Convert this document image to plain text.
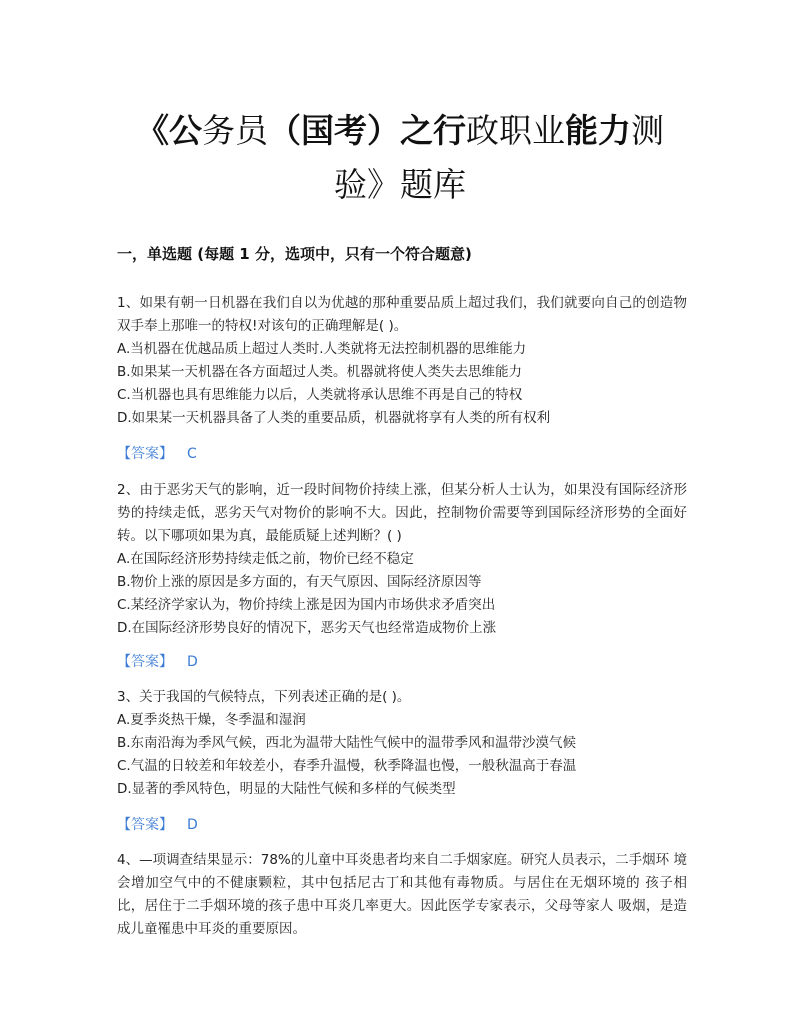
《公务员（国考）之行政职业能力测
验》题库
一，单选题 (每题 1 分，选项中，只有一个符合题意)

1、如果有朝一日机器在我们自以为优越的那种重要品质上超过我们，我们就要向自己的创造物双手奉上那唯一的特权!对该句的正确理解是( )。

A.当机器在优越品质上超过人类时.人类就将无法控制机器的思维能力

B.如果某一天机器在各方面超过人类。机器就将使人类失去思维能力

C.当机器也具有思维能力以后，人类就将承认思维不再是自己的特权

D.如果某一天机器具备了人类的重要品质，机器就将享有人类的所有权利

【答案】 C

2、由于恶劣天气的影响，近一段时间物价持续上涨，但某分析人士认为，如果没有国际经济形势的持续走低，恶劣天气对物价的影响不大。因此，控制物价需要等到国际经济形势的全面好转。以下哪项如果为真，最能质疑上述判断？( )

A.在国际经济形势持续走低之前，物价已经不稳定

B.物价上涨的原因是多方面的，有天气原因、国际经济原因等

C.某经济学家认为，物价持续上涨是因为国内市场供求矛盾突出

D.在国际经济形势良好的情况下，恶劣天气也经常造成物价上涨

【答案】 D

3、关于我国的气候特点，下列表述正确的是( )。

A.夏季炎热干燥，冬季温和湿润

B.东南沿海为季风气候，西北为温带大陆性气候中的温带季风和温带沙漠气候

C.气温的日较差和年较差小，春季升温慢，秋季降温也慢，一般秋温高于春温

D.显著的季风特色，明显的大陆性气候和多样的气候类型

【答案】 D

4、—项调查结果显示：78%的儿童中耳炎患者均来自二手烟家庭。研究人员表示，二手烟环 境会增加空气中的不健康颗粒，其中包括尼古丁和其他有毒物质。与居住在无烟环境的 孩子相比，居住于二手烟环境的孩子患中耳炎几率更大。因此医学专家表示，父母等家人 吸烟，是造成儿童罹患中耳炎的重要原因。
